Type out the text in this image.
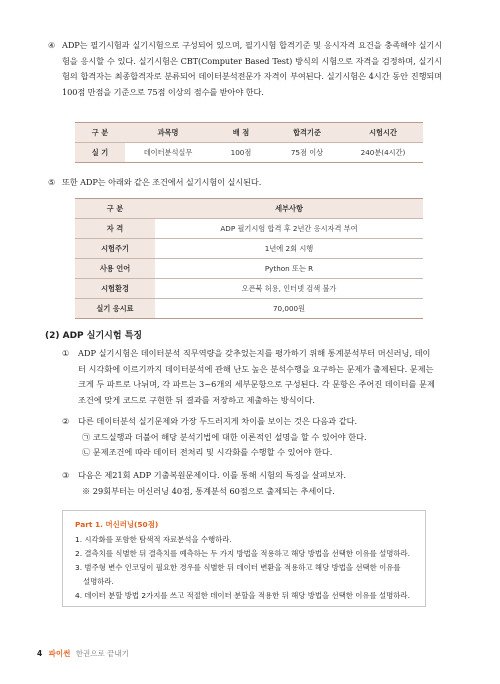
④ ADP는 필기시험과 실기시험으로 구성되어 있으며, 필기시험 합격기준 및 응시자격 요건을 충족해야 실기시험을 응시할 수 있다. 실기시험은 CBT(Computer Based Test) 방식의 시험으로 자격을 검정하며, 실기시험의 합격자는 최종합격자로 분류되어 데이터분석전문가 자격이 부여된다. 실기시험은 4시간 동안 진행되며 100점 만점을 기준으로 75점 이상의 점수를 받아야 한다.
구 분	과목명	배 점	합격기준	시험시간
실 기	데이터분석실무	100점	75점 이상	240분(4시간)
⑤ 또한 ADP는 아래와 같은 조건에서 실기시험이 실시된다.
구 분	세부사항
자 격	ADP 필기시험 합격 후 2년간 응시자격 부여
시험주기	1년에 2회 시행
사용 언어	Python 또는 R
시험환경	오픈북 허용, 인터넷 검색 불가
실기 응시료	70,000원
(2) ADP 실기시험 특징
① ADP 실기시험은 데이터분석 직무역량을 갖추었는지를 평가하기 위해 통계분석부터 머신러닝, 데이터 시각화에 이르기까지 데이터분석에 관해 난도 높은 분석수행을 요구하는 문제가 출제된다. 문제는 크게 두 파트로 나뉘며, 각 파트는 3~6개의 세부문항으로 구성된다. 각 문항은 주어진 데이터를 문제조건에 맞게 코드로 구현한 뒤 결과를 저장하고 제출하는 방식이다.
② 다른 데이터분석 실기문제와 가장 두드러지게 차이를 보이는 것은 다음과 같다.
㉠ 코드실행과 더불어 해당 분석기법에 대한 이론적인 설명을 할 수 있어야 한다.
㉡ 문제조건에 따라 데이터 전처리 및 시각화를 수행할 수 있어야 한다.
③ 다음은 제21회 ADP 기출복원문제이다. 이를 통해 시험의 특징을 살펴보자.
※ 29회부터는 머신러닝 40점, 통계분석 60점으로 출제되는 추세이다.
Part 1. 머신러닝(50점)
1. 시각화를 포함한 탐색적 자료분석을 수행하라.
2. 결측치를 식별한 뒤 결측치를 예측하는 두 가지 방법을 적용하고 해당 방법을 선택한 이유를 설명하라.
3. 범주형 변수 인코딩이 필요한 경우를 식별한 뒤 데이터 변환을 적용하고 해당 방법을 선택한 이유를
설명하라.
4. 데이터 분할 방법 2가지를 쓰고 적절한 데이터 분할을 적용한 뒤 해당 방법을 선택한 이유를 설명하라.
4 파이썬 한권으로 끝내기
